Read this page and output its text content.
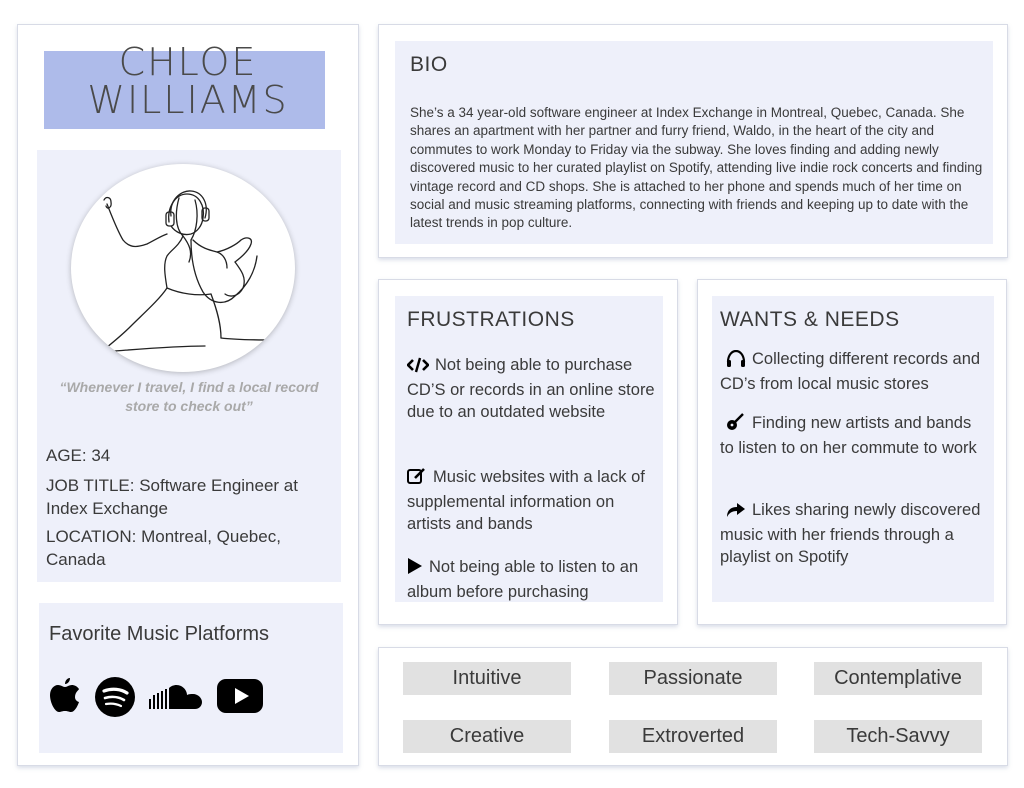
CHLOE WILLIAMS
“Whenever I travel, I find a local record store to check out”
AGE: 34
JOB TITLE: Software Engineer at Index Exchange
LOCATION: Montreal, Quebec, Canada
Favorite Music Platforms
BIO
She’s a 34 year-old software engineer at Index Exchange in Montreal, Quebec, Canada. She shares an apartment with her partner and furry friend, Waldo, in the heart of the city and commutes to work Monday to Friday via the subway. She loves finding and adding newly discovered music to her curated playlist on Spotify, attending live indie rock concerts and finding vintage record and CD shops. She is attached to her phone and spends much of her time on social and music streaming platforms, connecting with friends and keeping up to date with the latest trends in pop culture.
FRUSTRATIONS
Not being able to purchase CD’S or records in an online store due to an outdated website
Music websites with a lack of supplemental information on artists and bands
Not being able to listen to an album before purchasing
WANTS & NEEDS
Collecting different records and CD’s from local music stores
Finding new artists and bands to listen to on her commute to work
Likes sharing newly discovered music with her friends through a playlist on Spotify
Intuitive	Passionate	Contemplative
Creative	Extroverted	Tech-Savvy
